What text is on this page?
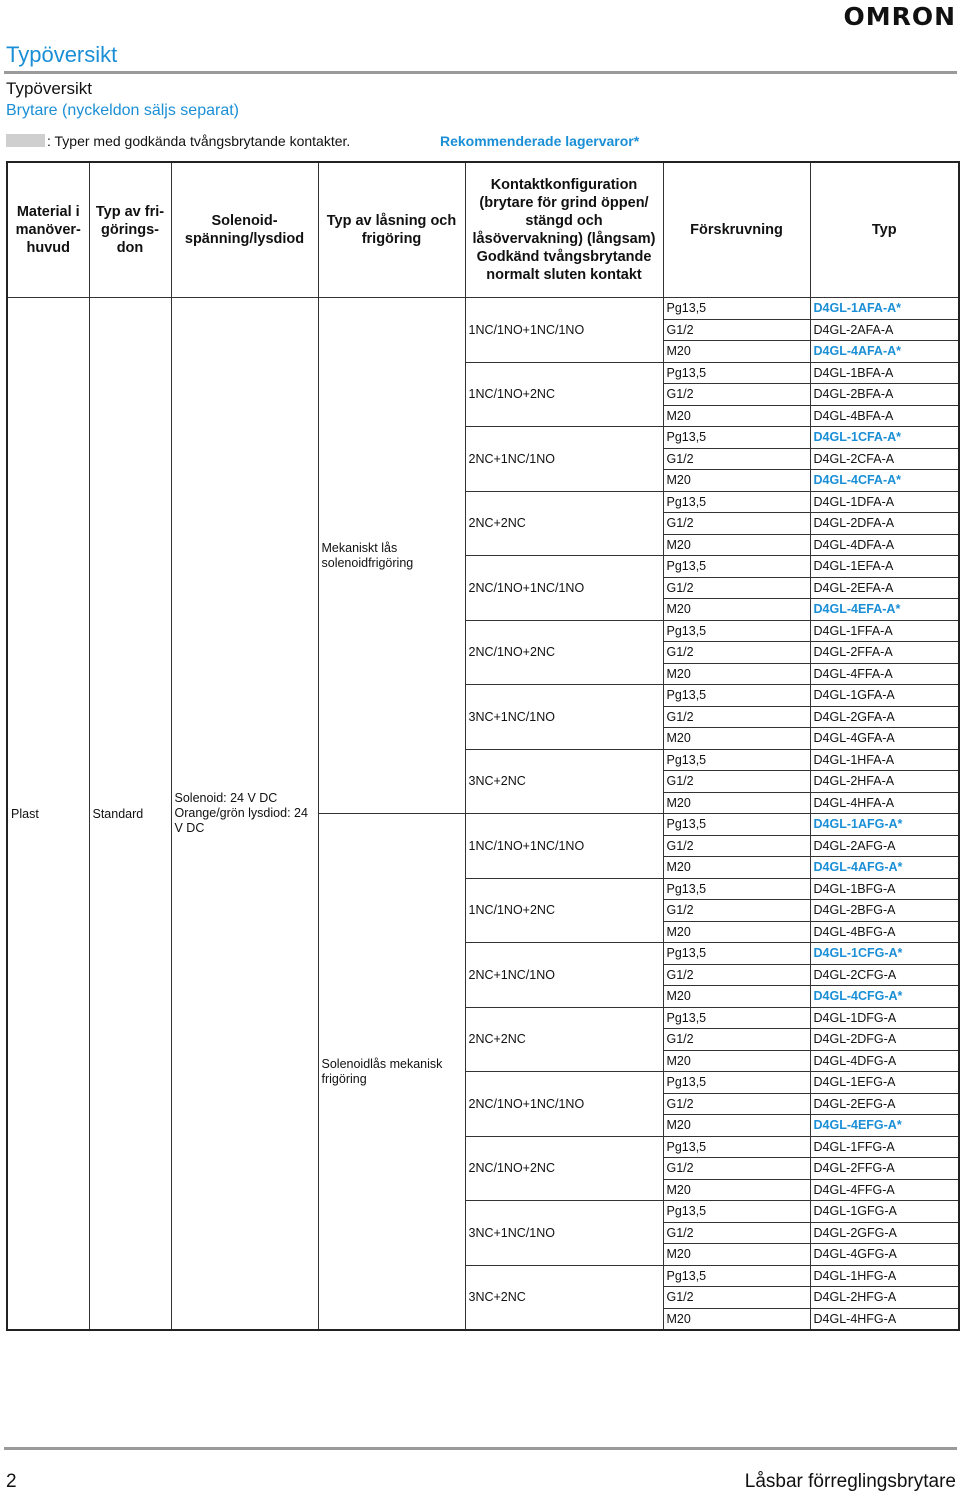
OMRON
Typöversikt
Typöversikt
Brytare (nyckeldon säljs separat)
: Typer med godkända tvångsbrytande kontakter.	Rekommenderade lagervaror*
Material i manöver-huvud	Typ av fri-görings-don	Solenoid-spänning/lysdiod	Typ av låsning och frigöring	Kontaktkonfiguration (brytare för grind öppen/ stängd och låsövervakning) (långsam) Godkänd tvångsbrytande normalt sluten kontakt	Förskruvning	Typ
Plast	Standard	Solenoid: 24 V DC Orange/grön lysdiod: 24 V DC	Mekaniskt lås solenoidfrigöring	1NC/1NO+1NC/1NO	Pg13,5	D4GL-1AFA-A*
					G1/2	D4GL-2AFA-A
					M20	D4GL-4AFA-A*
				1NC/1NO+2NC	Pg13,5	D4GL-1BFA-A
					G1/2	D4GL-2BFA-A
					M20	D4GL-4BFA-A
				2NC+1NC/1NO	Pg13,5	D4GL-1CFA-A*
					G1/2	D4GL-2CFA-A
					M20	D4GL-4CFA-A*
				2NC+2NC	Pg13,5	D4GL-1DFA-A
					G1/2	D4GL-2DFA-A
					M20	D4GL-4DFA-A
				2NC/1NO+1NC/1NO	Pg13,5	D4GL-1EFA-A
					G1/2	D4GL-2EFA-A
					M20	D4GL-4EFA-A*
				2NC/1NO+2NC	Pg13,5	D4GL-1FFA-A
					G1/2	D4GL-2FFA-A
					M20	D4GL-4FFA-A
				3NC+1NC/1NO	Pg13,5	D4GL-1GFA-A
					G1/2	D4GL-2GFA-A
					M20	D4GL-4GFA-A
				3NC+2NC	Pg13,5	D4GL-1HFA-A
					G1/2	D4GL-2HFA-A
					M20	D4GL-4HFA-A
			Solenoidlås mekanisk frigöring	1NC/1NO+1NC/1NO	Pg13,5	D4GL-1AFG-A*
					G1/2	D4GL-2AFG-A
					M20	D4GL-4AFG-A*
				1NC/1NO+2NC	Pg13,5	D4GL-1BFG-A
					G1/2	D4GL-2BFG-A
					M20	D4GL-4BFG-A
				2NC+1NC/1NO	Pg13,5	D4GL-1CFG-A*
					G1/2	D4GL-2CFG-A
					M20	D4GL-4CFG-A*
				2NC+2NC	Pg13,5	D4GL-1DFG-A
					G1/2	D4GL-2DFG-A
					M20	D4GL-4DFG-A
				2NC/1NO+1NC/1NO	Pg13,5	D4GL-1EFG-A
					G1/2	D4GL-2EFG-A
					M20	D4GL-4EFG-A*
				2NC/1NO+2NC	Pg13,5	D4GL-1FFG-A
					G1/2	D4GL-2FFG-A
					M20	D4GL-4FFG-A
				3NC+1NC/1NO	Pg13,5	D4GL-1GFG-A
					G1/2	D4GL-2GFG-A
					M20	D4GL-4GFG-A
				3NC+2NC	Pg13,5	D4GL-1HFG-A
					G1/2	D4GL-2HFG-A
					M20	D4GL-4HFG-A
2	Låsbar förreglingsbrytare
